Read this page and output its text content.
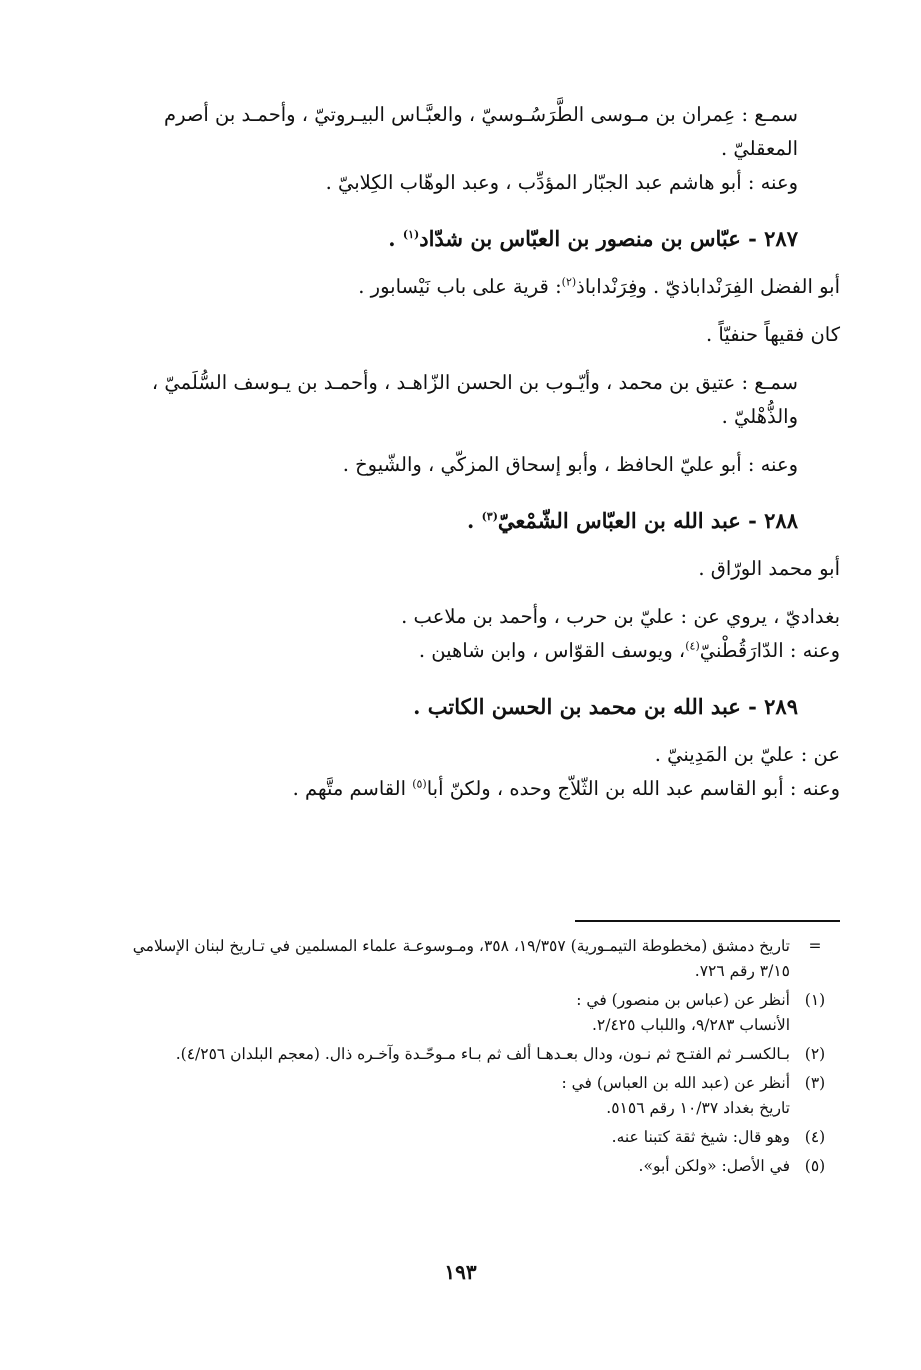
سمـع : عِمران بن مـوسى الطَّرَسُـوسيّ ، والعبَّـاس البيـروتيّ ، وأحمـد بن أصرم المعقليّ .

وعنه : أبو هاشم عبد الجبّار المؤدِّب ، وعبد الوهّاب الكِلابيّ .

٢٨٧ - عبّاس بن منصور بن العبّاس بن شدّاد$^{(١)}$ .

أبو الفضل الفِرَنْداباذيّ . وفِرَنْداباذ$^{(٢)}$: قرية على باب نَيْسابور .

كان فقيهاً حنفيّاً .

سمـع : عتيق بن محمد ، وأيّـوب بن الحسن الزّاهـد ، وأحمـد بن يـوسف السُّلَميّ ، والذُّهْليّ .

وعنه : أبو عليّ الحافظ ، وأبو إسحاق المزكّي ، والشّيوخ .

٢٨٨ - عبد الله بن العبّاس الشّمْعيّ$^{(٣)}$ .

أبو محمد الورّاق .

بغداديّ ، يروي عن : عليّ بن حرب ، وأحمد بن ملاعب .

وعنه : الدّارَقُطْنيّ$^{(٤)}$، ويوسف القوّاس ، وابن شاهين .

٢٨٩ - عبد الله بن محمد بن الحسن الكاتب .

عن : عليّ بن المَدِينيّ .

وعنه : أبو القاسم عبد الله بن الثّلاّج وحده ، ولكنّ أبا$^{(٥)}$ القاسم متَّهم .

=
تاريخ دمشق (مخطوطة التيمـورية) ١٩/٣٥٧، ٣٥٨، ومـوسوعـة علماء المسلمين في تـاريخ لبنان الإسلامي ٣/١٥ رقم ٧٢٦.
(١)
أنظر عن (عباس بن منصور) في :
الأنساب ٩/٢٨٣، واللباب ٢/٤٢٥.
(٢)
بـالكسـر ثم الفتـح ثم نـون، ودال بعـدهـا ألف ثم بـاء مـوحّـدة وآخـره ذال. (معجم البلدان ٤/٢٥٦).
(٣)
أنظر عن (عبد الله بن العباس) في :
تاريخ بغداد ١٠/٣٧ رقم ٥١٥٦.
(٤)
وهو قال: شيخ ثقة كتبنا عنه.
(٥)
في الأصل: «ولكن أبو».
١٩٣
